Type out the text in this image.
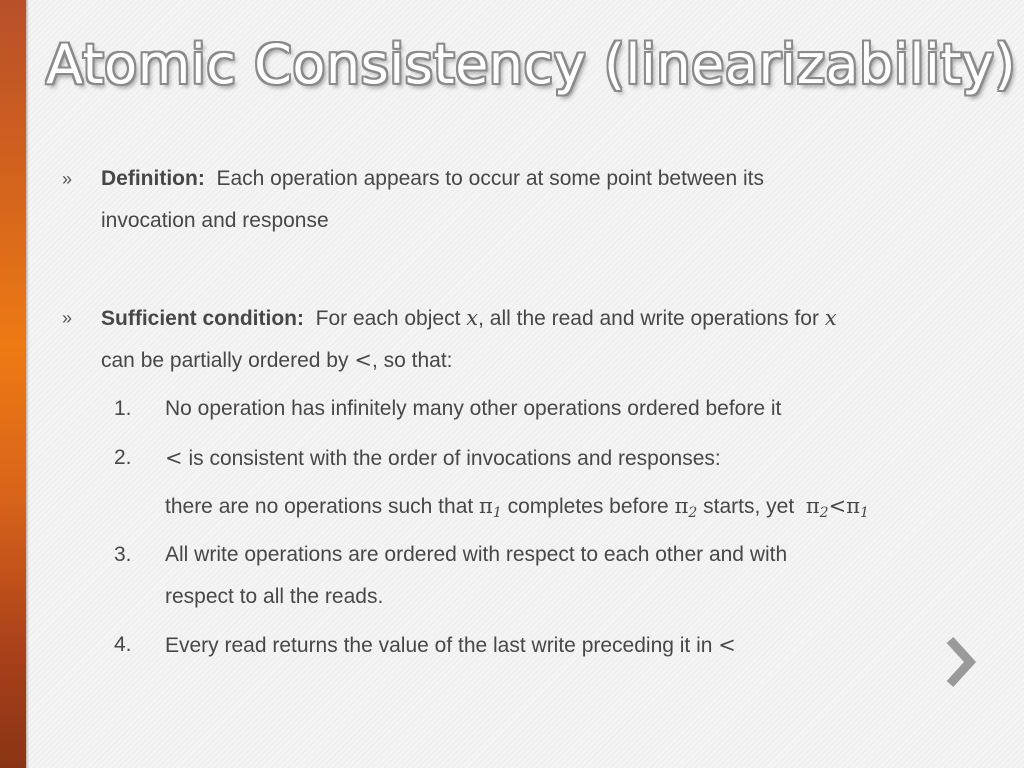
Atomic Consistency (linearizability)
» Definition: Each operation appears to occur at some point between its
invocation and response
» Sufficient condition: For each object x, all the read and write operations for x
can be partially ordered by <, so that:
1. No operation has infinitely many other operations ordered before it
2. < is consistent with the order of invocations and responses:
there are no operations such that $\pi_1$ completes before $\pi_2$ starts, yet $\pi_2<\pi_1$
3. All write operations are ordered with respect to each other and with
respect to all the reads.
4. Every read returns the value of the last write preceding it in <
